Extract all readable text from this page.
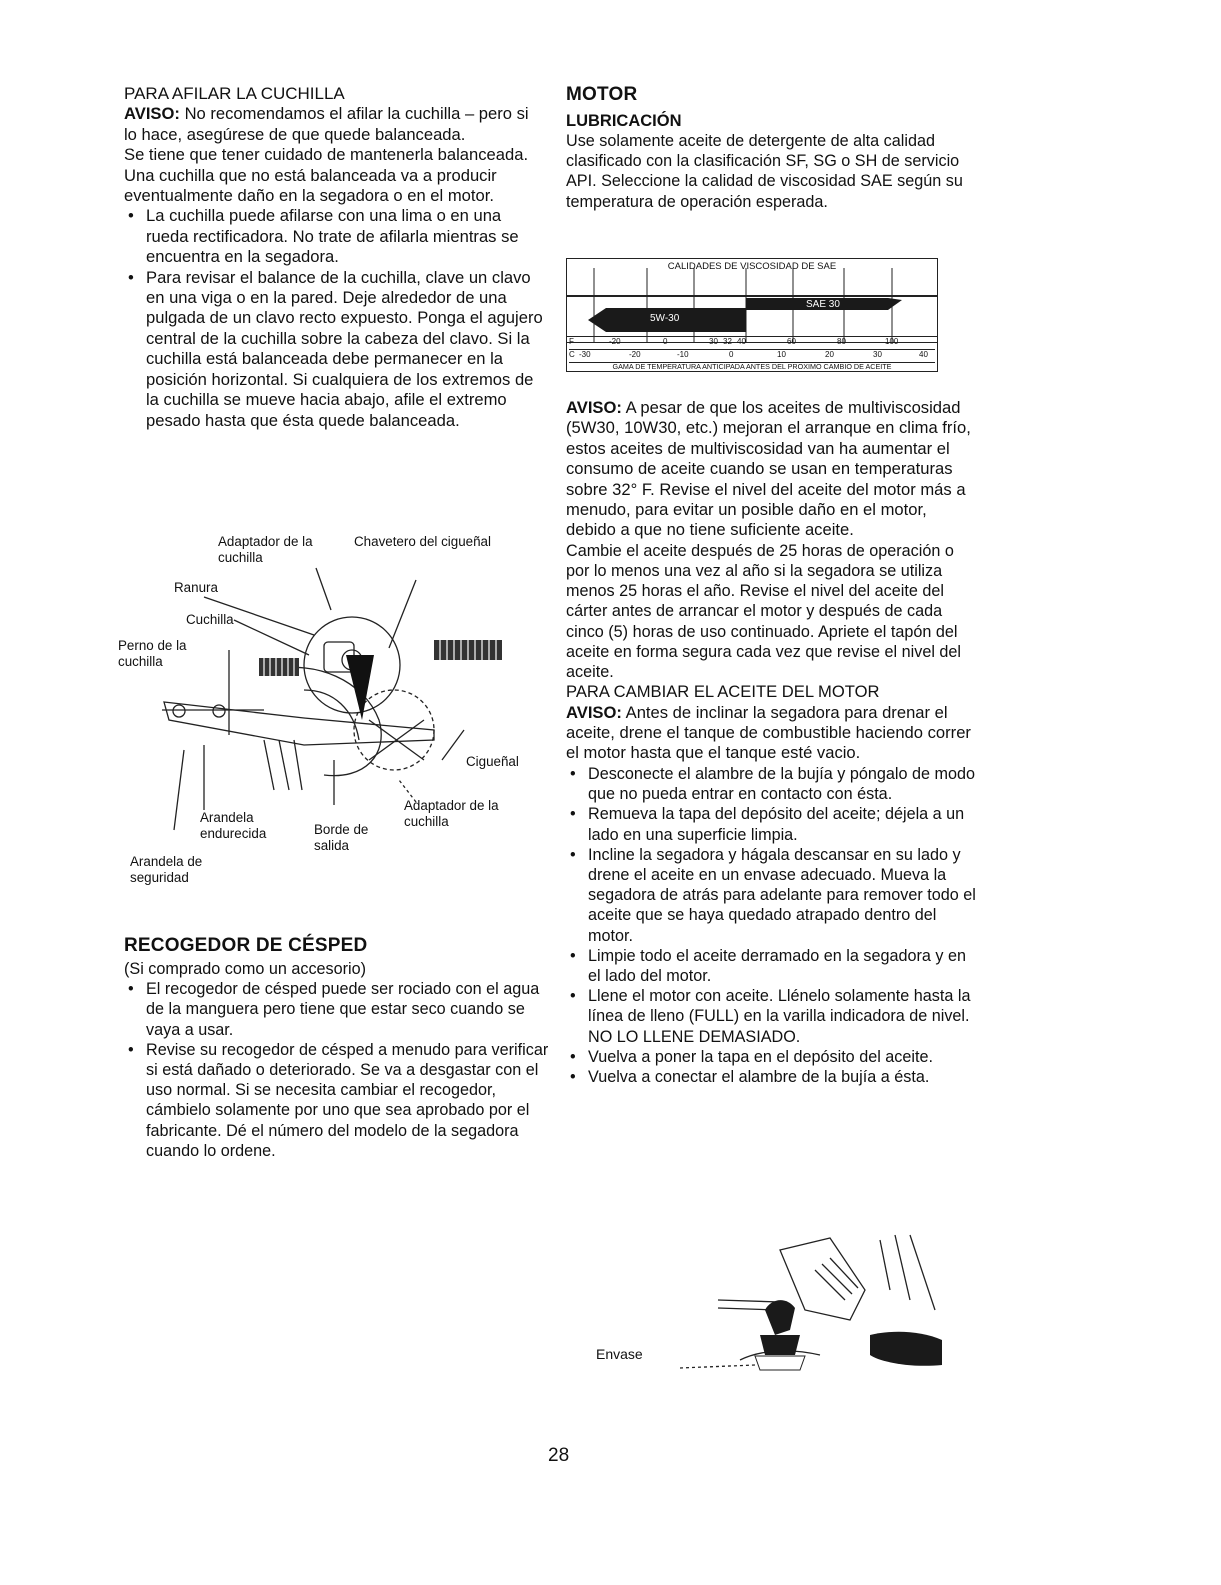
PARA AFILAR LA CUCHILLA

AVISO: No recomendamos el afilar la cuchilla – pero si lo hace, asegúrese de que quede balanceada.

Se tiene que tener cuidado de mantenerla balanceada. Una cuchilla que no está balanceada va a producir eventualmente daño en la segadora o en el motor.

• La cuchilla puede afilarse con una lima o en una rueda rectificadora. No trate de afilarla mientras se encuentra en la segadora.
• Para revisar el balance de la cuchilla, clave un clavo en una viga o en la pared. Deje alrededor de una pulgada de un clavo recto expuesto. Ponga el agujero central de la cuchilla sobre la cabeza del clavo. Si la cuchilla está balanceada debe permanecer en la posición horizontal. Si cualquiera de los extremos de la cuchilla se mueve hacia abajo, afile el extremo pesado hasta que ésta quede balanceada.
Adaptador de la cuchilla
Chavetero del cigueñal
Ranura
Cuchilla
Perno de la cuchilla
Cigueñal
Adaptador de la cuchilla
Arandela endurecida	Borde de salida
Arandela de seguridad

RECOGEDOR DE CÉSPED

(Si comprado como un accesorio)

• El recogedor de césped puede ser rociado con el agua de la manguera pero tiene que estar seco cuando se vaya a usar.
• Revise su recogedor de césped a menudo para verificar si está dañado o deteriorado. Se va a desgastar con el uso normal. Si se necesita cambiar el recogedor, cámbielo solamente por uno que sea aprobado por el fabricante. Dé el número del modelo de la segadora cuando lo ordene.

MOTOR

LUBRICACIÓN

Use solamente aceite de detergente de alta calidad clasificado con la clasificación SF, SG o SH de servicio API. Seleccione la calidad de viscosidad SAE según su temperatura de operación esperada.

CALIDADES DE VISCOSIDAD DE SAE
SAE 30
5W-30
F	-20	0	30 32 40	60	80	100
C -30	-20	-10	0	10	20	30	40
GAMA DE TEMPERATURA ANTICIPADA ANTES DEL PROXIMO CAMBIO DE ACEITE

AVISO: A pesar de que los aceites de multiviscosidad (5W30, 10W30, etc.) mejoran el arranque en clima frío, estos aceites de multiviscosidad van ha aumentar el consumo de aceite cuando se usan en temperaturas sobre 32° F. Revise el nivel del aceite del motor más a menudo, para evitar un posible daño en el motor, debido a que no tiene suficiente aceite.

Cambie el aceite después de 25 horas de operación o por lo menos una vez al año si la segadora se utiliza menos 25 horas el año. Revise el nivel del aceite del cárter antes de arrancar el motor y después de cada cinco (5) horas de uso continuado. Apriete el tapón del aceite en forma segura cada vez que revise el nivel del aceite.

PARA CAMBIAR EL ACEITE DEL MOTOR

AVISO: Antes de inclinar la segadora para drenar el aceite, drene el tanque de combustible haciendo correr el motor hasta que el tanque esté vacio.

• Desconecte el alambre de la bujía y póngalo de modo que no pueda entrar en contacto con ésta.
• Remueva la tapa del depósito del aceite; déjela a un lado en una superficie limpia.
• Incline la segadora y hágala descansar en su lado y drene el aceite en un envase adecuado. Mueva la segadora de atrás para adelante para remover todo el aceite que se haya quedado atrapado dentro del motor.
• Limpie todo el aceite derramado en la segadora y en el lado del motor.
• Llene el motor con aceite. Llénelo solamente hasta la línea de lleno (FULL) en la varilla indicadora de nivel. NO LO LLENE DEMASIADO.
• Vuelva a poner la tapa en el depósito del aceite.
• Vuelva a conectar el alambre de la bujía a ésta.
Envase
28
